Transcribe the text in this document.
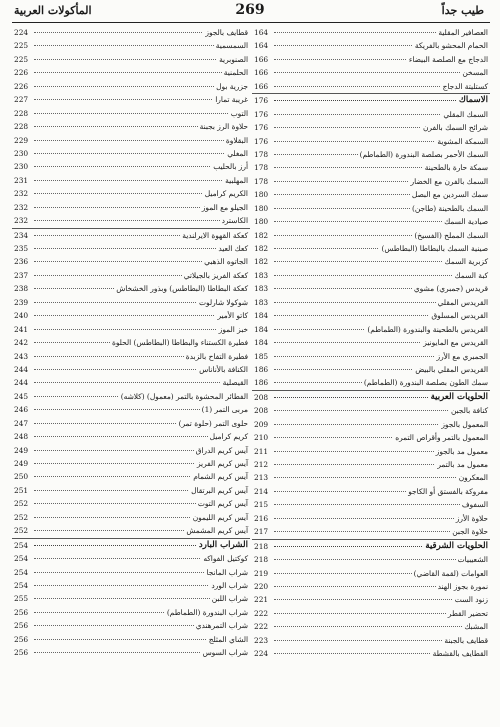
المأكولات العربية	269	طيب جداً
164	العصافير المقلية
164	الحمام المحشو بالفريكة
166	الدجاج مع الصلصة البيضاء
166	المسخن
166	كستليتة الدجاج
176	الاسماك
176	السمك المقلي
176	شرائح السمك بالفرن
176	السمكة المشوية
178	السمك الأحمر بصلصة البندورة (الطماطم)
178	سمكة حارة بالطحينة
178	السمك بالفرن مع الخضار
180	سمك السردين مع البصل
180	السمك بالطحينة (طاجن)
180	صيادية السمك
182	السمك المملح (الفسيخ)
182	صينية السمك بالبطاطا (البطاطس)
182	كزبرية السمك
183	كبة السمك
183	قريدس (جمبري) مشوي
183	القريدس المقلي
184	القريدس المسلوق
184	القريدس بالطحينة والبندورة (الطماطم)
184	القريدس مع المايونيز
185	الجمبري مع الأرز
186	القريدس المقلي بالبيض
186	سمك الطون بصلصة البندورة (الطماطم)
208	الحلويات العربية
208	كنافة بالجبن
209	المعمول بالجوز
210	المعمول بالتمر وأقراص التمره
211	معمول مد بالجوز
212	معمول مد بالتمر
213	المعكرون
214	مفروكة بالفستق أو الكاجو
215	السفوف
216	حلاوة الأرز
217	حلاوة الجبن
218	الحلويات الشرقية
218	الشعيبيات
219	العوامات (لقمة القاضي)
220	نمورة بجوز الهند
221	زنود الست
222	تحضير القطر
222	المشبك
223	قطايف بالجبنة
224	القطايف بالقشطة
224	قطايف بالجوز
225	السمسمية
225	الصنوبرية
226	الحلمنية
226	جزرية بول
227	غريبة تمارا
228	التوب
228	حلاوة الرز بجبنة
229	البقلاوة
230	المغلي
230	أرز بالحليب
231	المهلبية
232	الكريم كراميل
232	الجيلو مع الموز
232	الكاسترد
234	كعكة القهوة الايرلندية
235	كعك العيد
236	الجاتوه الذهبي
237	كعكة الفريز بالجيلاتي
238	كعكة البطاطا (البطاطس) وبذور الخشخاش
239	شوكولا شارلوت
240	كاتو الأمير
241	خبز الموز
242	فطيرة الكستناء والبطاطا (البطاطس) الحلوة
243	فطيرة التفاح بالزبدة
244	الكنافة بالأناناس
244	القيصلية
245	الفطائر المحشوة بالتمر (معمول) (كلاشه)
246	مربى التمر (1)
247	حلوى التمر (حلوة تمر)
248	كريم كراميل
249	آيس كريم الدراق
249	آيس كريم الفريز
250	آيس كريم الشمام
251	آيس كريم البرتقال
252	آيس كريم التوت
252	آيس كريم الليمون
252	آيس كريم المشمش
254	الشراب البارد
254	كوكتيل الفواكه
254	شراب المانجا
254	شراب الورد
255	شراب اللبن
256	شراب البندورة (الطماطم)
256	شراب التمرهندي
256	الشاي المثلج
256	شراب السوس
